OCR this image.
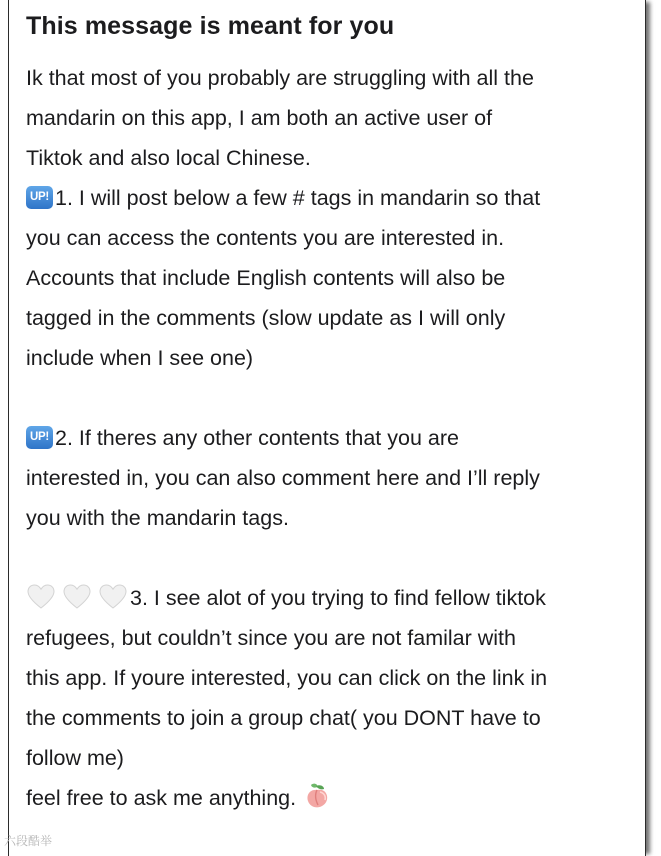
This message is meant for you
Ik that most of you probably are struggling with all the
mandarin on this app, I am both an active user of
Tiktok and also local Chinese.
UP! 1. I will post below a few # tags in mandarin so that
you can access the contents you are interested in.
Accounts that include English contents will also be
tagged in the comments (slow update as I will only
include when I see one)
UP! 2. If theres any other contents that you are
interested in, you can also comment here and I’ll reply
you with the mandarin tags.
3. I see alot of you trying to find fellow tiktok
refugees, but couldn’t since you are not familar with
this app. If youre interested, you can click on the link in
the comments to join a group chat( you DONT have to
follow me)
feel free to ask me anything.
六段酷举
